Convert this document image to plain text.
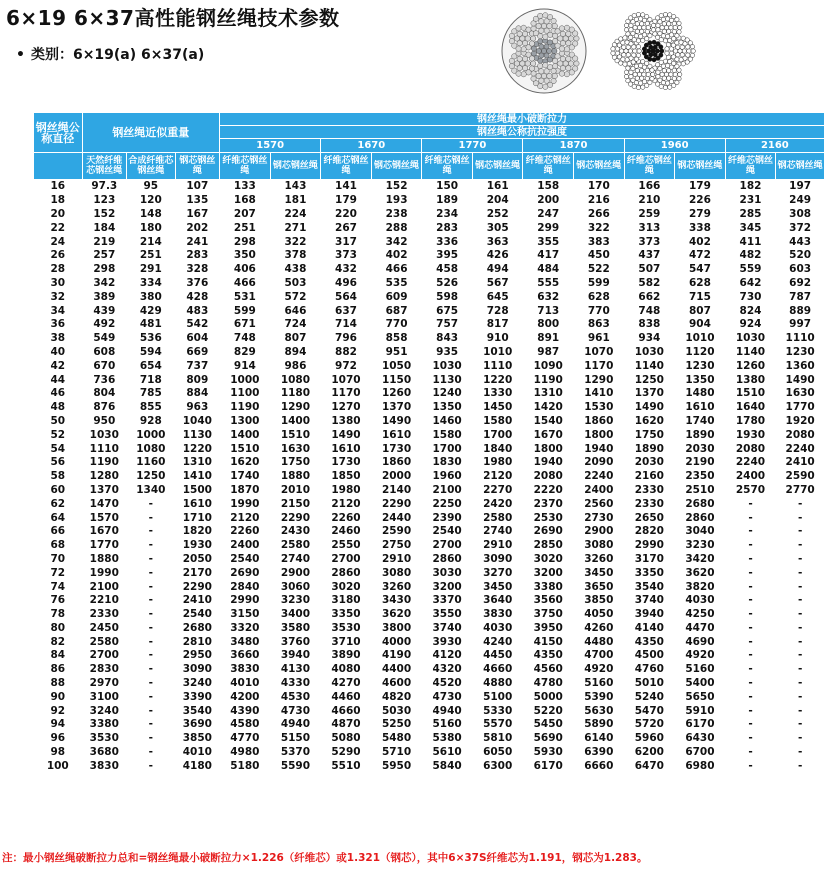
6×19 6×37高性能钢丝绳技术参数
• 类别：6×19(a) 6×37(a)
钢丝绳公称直径	钢丝绳近似重量			钢丝绳最小破断拉力											
				钢丝绳公称抗拉强度											
				1570		1670		1770		1870		1960		2160	
	天然纤维芯钢丝绳	合成纤维芯钢丝绳	钢芯钢丝绳	纤维芯钢丝绳	钢芯钢丝绳	纤维芯钢丝绳	钢芯钢丝绳	纤维芯钢丝绳	钢芯钢丝绳	纤维芯钢丝绳	钢芯钢丝绳	纤维芯钢丝绳	钢芯钢丝绳	纤维芯钢丝绳	钢芯钢丝绳
16	97.3	95	107	133	143	141	152	150	161	158	170	166	179	182	197
18	123	120	135	168	181	179	193	189	204	200	216	210	226	231	249
20	152	148	167	207	224	220	238	234	252	247	266	259	279	285	308
22	184	180	202	251	271	267	288	283	305	299	322	313	338	345	372
24	219	214	241	298	322	317	342	336	363	355	383	373	402	411	443
26	257	251	283	350	378	373	402	395	426	417	450	437	472	482	520
28	298	291	328	406	438	432	466	458	494	484	522	507	547	559	603
30	342	334	376	466	503	496	535	526	567	555	599	582	628	642	692
32	389	380	428	531	572	564	609	598	645	632	628	662	715	730	787
34	439	429	483	599	646	637	687	675	728	713	770	748	807	824	889
36	492	481	542	671	724	714	770	757	817	800	863	838	904	924	997
38	549	536	604	748	807	796	858	843	910	891	961	934	1010	1030	1110
40	608	594	669	829	894	882	951	935	1010	987	1070	1030	1120	1140	1230
42	670	654	737	914	986	972	1050	1030	1110	1090	1170	1140	1230	1260	1360
44	736	718	809	1000	1080	1070	1150	1130	1220	1190	1290	1250	1350	1380	1490
46	804	785	884	1100	1180	1170	1260	1240	1330	1310	1410	1370	1480	1510	1630
48	876	855	963	1190	1290	1270	1370	1350	1450	1420	1530	1490	1610	1640	1770
50	950	928	1040	1300	1400	1380	1490	1460	1580	1540	1860	1620	1740	1780	1920
52	1030	1000	1130	1400	1510	1490	1610	1580	1700	1670	1800	1750	1890	1930	2080
54	1110	1080	1220	1510	1630	1610	1730	1700	1840	1800	1940	1890	2030	2080	2240
56	1190	1160	1310	1620	1750	1730	1860	1830	1980	1940	2090	2030	2190	2240	2410
58	1280	1250	1410	1740	1880	1850	2000	1960	2120	2080	2240	2160	2350	2400	2590
60	1370	1340	1500	1870	2010	1980	2140	2100	2270	2220	2400	2330	2510	2570	2770
62	1470	-	1610	1990	2150	2120	2290	2250	2420	2370	2560	2330	2680	-	-
64	1570	-	1710	2120	2290	2260	2440	2390	2580	2530	2730	2650	2860	-	-
66	1670	-	1820	2260	2430	2460	2590	2540	2740	2690	2900	2820	3040	-	-
68	1770	-	1930	2400	2580	2550	2750	2700	2910	2850	3080	2990	3230	-	-
70	1880	-	2050	2540	2740	2700	2910	2860	3090	3020	3260	3170	3420	-	-
72	1990	-	2170	2690	2900	2860	3080	3030	3270	3200	3450	3350	3620	-	-
74	2100	-	2290	2840	3060	3020	3260	3200	3450	3380	3650	3540	3820	-	-
76	2210	-	2410	2990	3230	3180	3430	3370	3640	3560	3850	3740	4030	-	-
78	2330	-	2540	3150	3400	3350	3620	3550	3830	3750	4050	3940	4250	-	-
80	2450	-	2680	3320	3580	3530	3800	3740	4030	3950	4260	4140	4470	-	-
82	2580	-	2810	3480	3760	3710	4000	3930	4240	4150	4480	4350	4690	-	-
84	2700	-	2950	3660	3940	3890	4190	4120	4450	4350	4700	4500	4920	-	-
86	2830	-	3090	3830	4130	4080	4400	4320	4660	4560	4920	4760	5160	-	-
88	2970	-	3240	4010	4330	4270	4600	4520	4880	4780	5160	5010	5400	-	-
90	3100	-	3390	4200	4530	4460	4820	4730	5100	5000	5390	5240	5650	-	-
92	3240	-	3540	4390	4730	4660	5030	4940	5330	5220	5630	5470	5910	-	-
94	3380	-	3690	4580	4940	4870	5250	5160	5570	5450	5890	5720	6170	-	-
96	3530	-	3850	4770	5150	5080	5480	5380	5810	5690	6140	5960	6430	-	-
98	3680	-	4010	4980	5370	5290	5710	5610	6050	5930	6390	6200	6700	-	-
100	3830	-	4180	5180	5590	5510	5950	5840	6300	6170	6660	6470	6980	-	-
注：最小钢丝绳破断拉力总和=钢丝绳最小破断拉力×1.226（纤维芯）或1.321（钢芯），其中6×37S纤维芯为1.191，钢芯为1.283。
